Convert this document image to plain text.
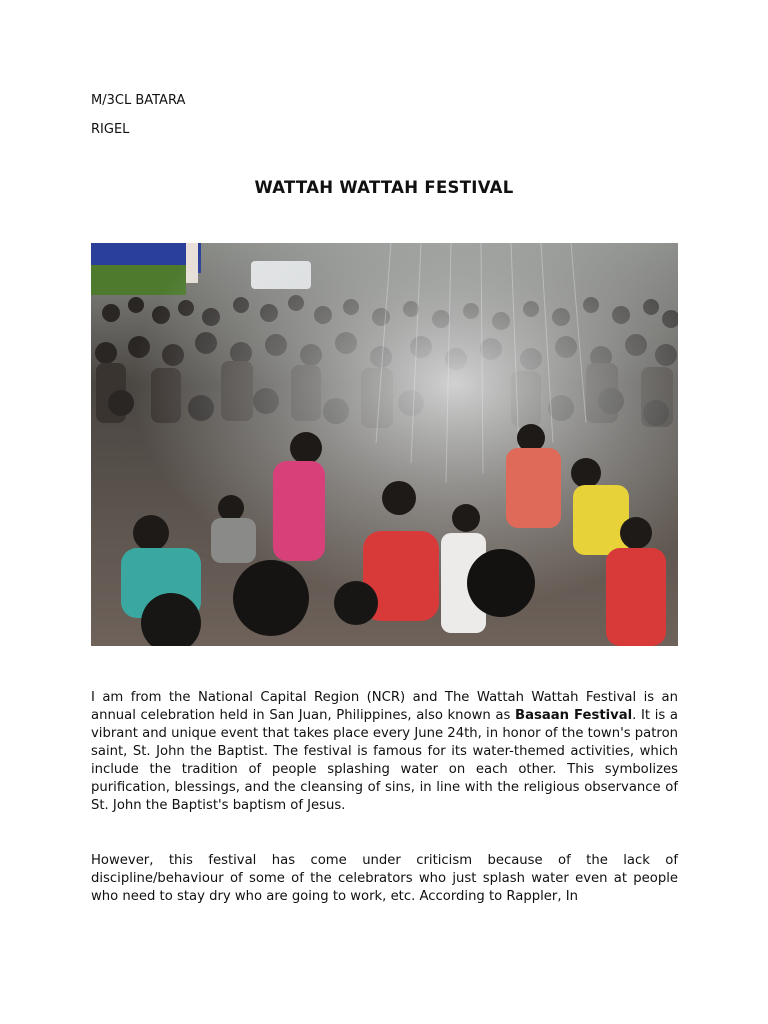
M/3CL BATARA
RIGEL
WATTAH WATTAH FESTIVAL

I am from the National Capital Region (NCR) and The Wattah Wattah Festival is an annual celebration held in San Juan, Philippines, also known as Basaan Festival. It is a vibrant and unique event that takes place every June 24th, in honor of the town's patron saint, St. John the Baptist. The festival is famous for its water-themed activities, which include the tradition of people splashing water on each other. This symbolizes purification, blessings, and the cleansing of sins, in line with the religious observance of St. John the Baptist's baptism of Jesus.

However, this festival has come under criticism because of the lack of discipline/behaviour of some of the celebrators who just splash water even at people who need to stay dry who are going to work, etc. According to Rappler, In
